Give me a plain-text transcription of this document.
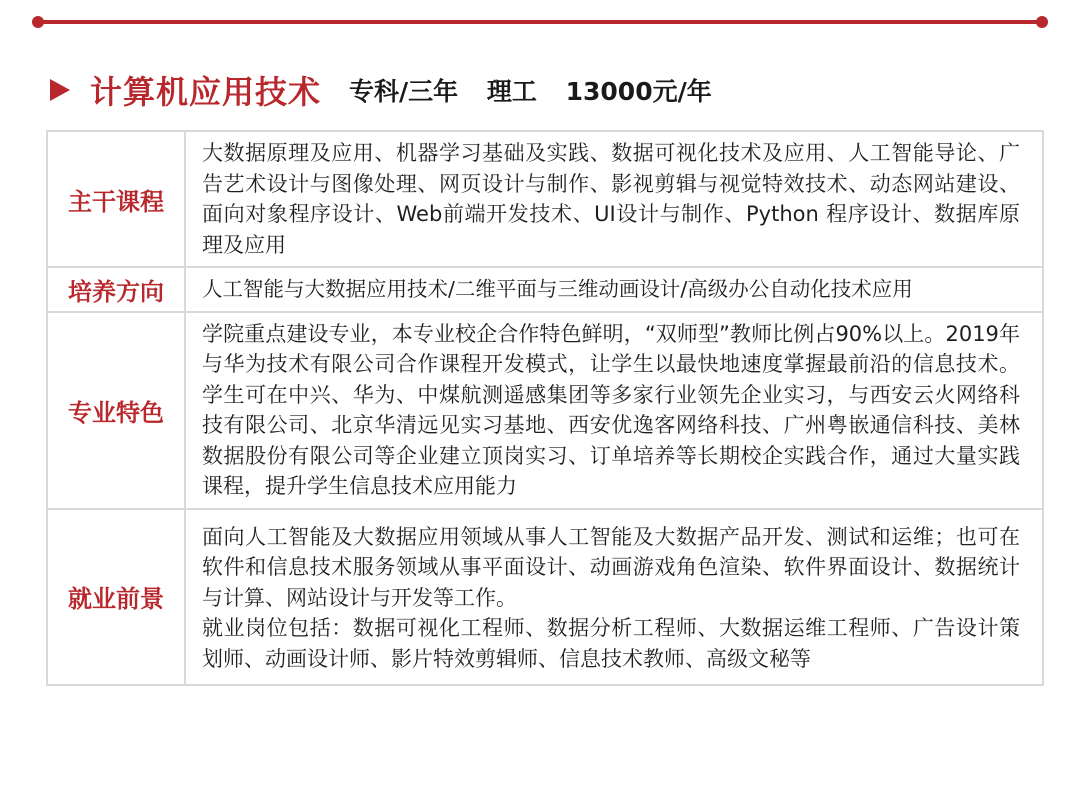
计算机应用技术 专科/三年 理工 13000元/年
主干课程	大数据原理及应用、机器学习基础及实践、数据可视化技术及应用、人工智能导论、广告艺术设计与图像处理、网页设计与制作、影视剪辑与视觉特效技术、动态网站建设、面向对象程序设计、Web前端开发技术、UI设计与制作、Python 程序设计、数据库原理及应用

培养方向	人工智能与大数据应用技术/二维平面与三维动画设计/高级办公自动化技术应用

专业特色	学院重点建设专业，本专业校企合作特色鲜明，“双师型”教师比例占90%以上。2019年与华为技术有限公司合作课程开发模式，让学生以最快地速度掌握最前沿的信息技术。学生可在中兴、华为、中煤航测遥感集团等多家行业领先企业实习，与西安云火网络科技有限公司、北京华清远见实习基地、西安优逸客网络科技、广州粤嵌通信科技、美林数据股份有限公司等企业建立顶岗实习、订单培养等长期校企实践合作，通过大量实践课程，提升学生信息技术应用能力

就业前景	面向人工智能及大数据应用领域从事人工智能及大数据产品开发、测试和运维；也可在软件和信息技术服务领域从事平面设计、动画游戏角色渲染、软件界面设计、数据统计与计算、网站设计与开发等工作。
就业岗位包括：数据可视化工程师、数据分析工程师、大数据运维工程师、广告设计策划师、动画设计师、影片特效剪辑师、信息技术教师、高级文秘等
